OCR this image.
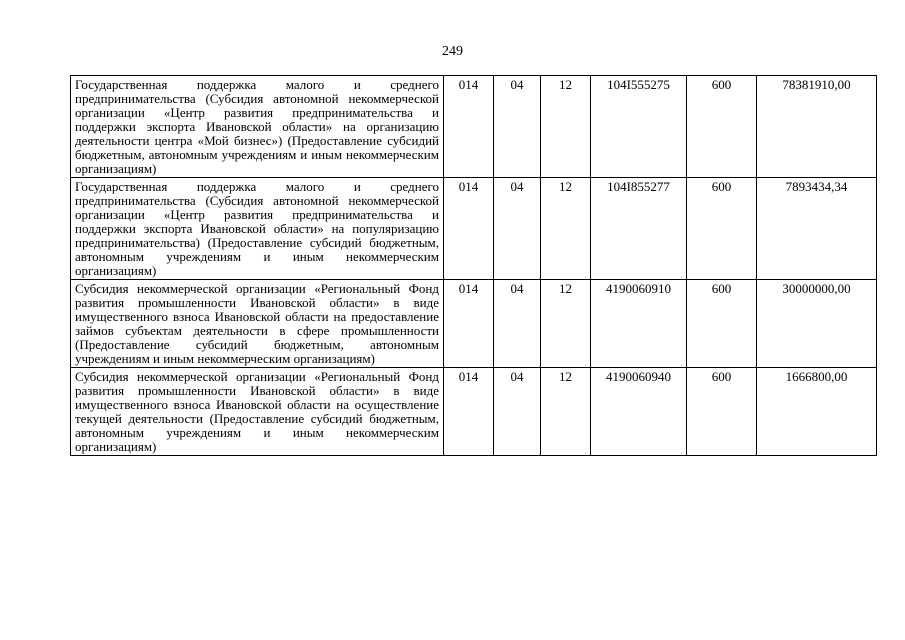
249
Государственная поддержка малого и среднего предпринимательства (Субсидия автономной некоммерческой организации «Центр развития предпринимательства и поддержки экспорта Ивановской области» на организацию деятельности центра «Мой бизнес») (Предоставление субсидий бюджетным, автономным учреждениям и иным некоммерческим организациям)	014	04	12	104I555275	600	78381910,00
Государственная поддержка малого и среднего предпринимательства (Субсидия автономной некоммерческой организации «Центр развития предпринимательства и поддержки экспорта Ивановской области» на популяризацию предпринимательства) (Предоставление субсидий бюджетным, автономным учреждениям и иным некоммерческим организациям)	014	04	12	104I855277	600	7893434,34
Субсидия некоммерческой организации «Региональный Фонд развития промышленности Ивановской области» в виде имущественного взноса Ивановской области на предоставление займов субъектам деятельности в сфере промышленности (Предоставление субсидий бюджетным, автономным учреждениям и иным некоммерческим организациям)	014	04	12	4190060910	600	30000000,00
Субсидия некоммерческой организации «Региональный Фонд развития промышленности Ивановской области» в виде имущественного взноса Ивановской области на осуществление текущей деятельности (Предоставление субсидий бюджетным, автономным учреждениям и иным некоммерческим организациям)	014	04	12	4190060940	600	1666800,00
